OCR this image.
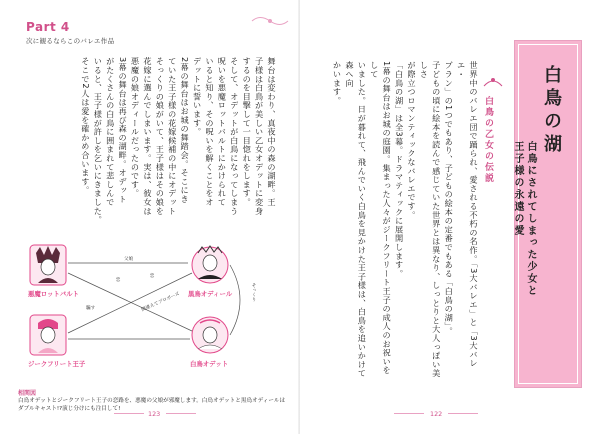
Part 4
次に観るならこのバレエ作品
舞台は変わり、真夜中の森の湖畔。王
子様は白鳥が美しい乙女オデットに変身
するのを目撃して一目惚れをします。
そして、オデットが白鳥になってしまう
呪いを悪魔ロットバルトにかけられて
いると知り、その呪いを解くことをオ
デットに誓います。
2幕の舞台はお城の舞踏会。そこにき
ていた王子様の花嫁候補の中にオデット
そっくりの娘がいて、王子様はその娘を
花嫁に選んでしまいます。実は、彼女は
悪魔の娘オディールだったのです。
3幕の舞台は再び森の湖畔。オデット
がたくさんの白鳥に囲まれて悲しんで
いると、王子様が許しを乞いにきました。
そこで2人は愛を確かめ合います。
悪魔ロットバルト	黒鳥オディール
ジークフリート王子	白鳥オデット
父娘
恋
恋
騙す	間違えてプロポーズ	そっくり
相関図
白鳥オデットとジークフリート王子の恋路を、悪魔の父娘が邪魔します。白鳥オデットと黒鳥オディールはダブルキャスト!?演じ分けにも注目して!
123
白鳥の湖
白鳥にされてしまった少女と
王子様の永遠の愛
白鳥の乙女の伝説
世界中のバレエ団で踊られ、愛される不朽の名作。「3大バレエ」と「3大バレエ・
ブラン」の1つでもあり、子どもの絵本の定番でもある「白鳥の湖」。
子どもの頃に絵本を読んで感じていた世界とは異なり、しっとりと大人っぽい美しさ
が際立つロマンティックなバレエです。
「白鳥の湖」は全3幕。ドラマティックに展開します。
1幕の舞台はお城の庭園。集まった人々がジークフリート王子の成人のお祝いをして
いました。日が暮れて、飛んでいく白鳥を見かけた王子様は、白鳥を追いかけて森へ向
かいます。
122
